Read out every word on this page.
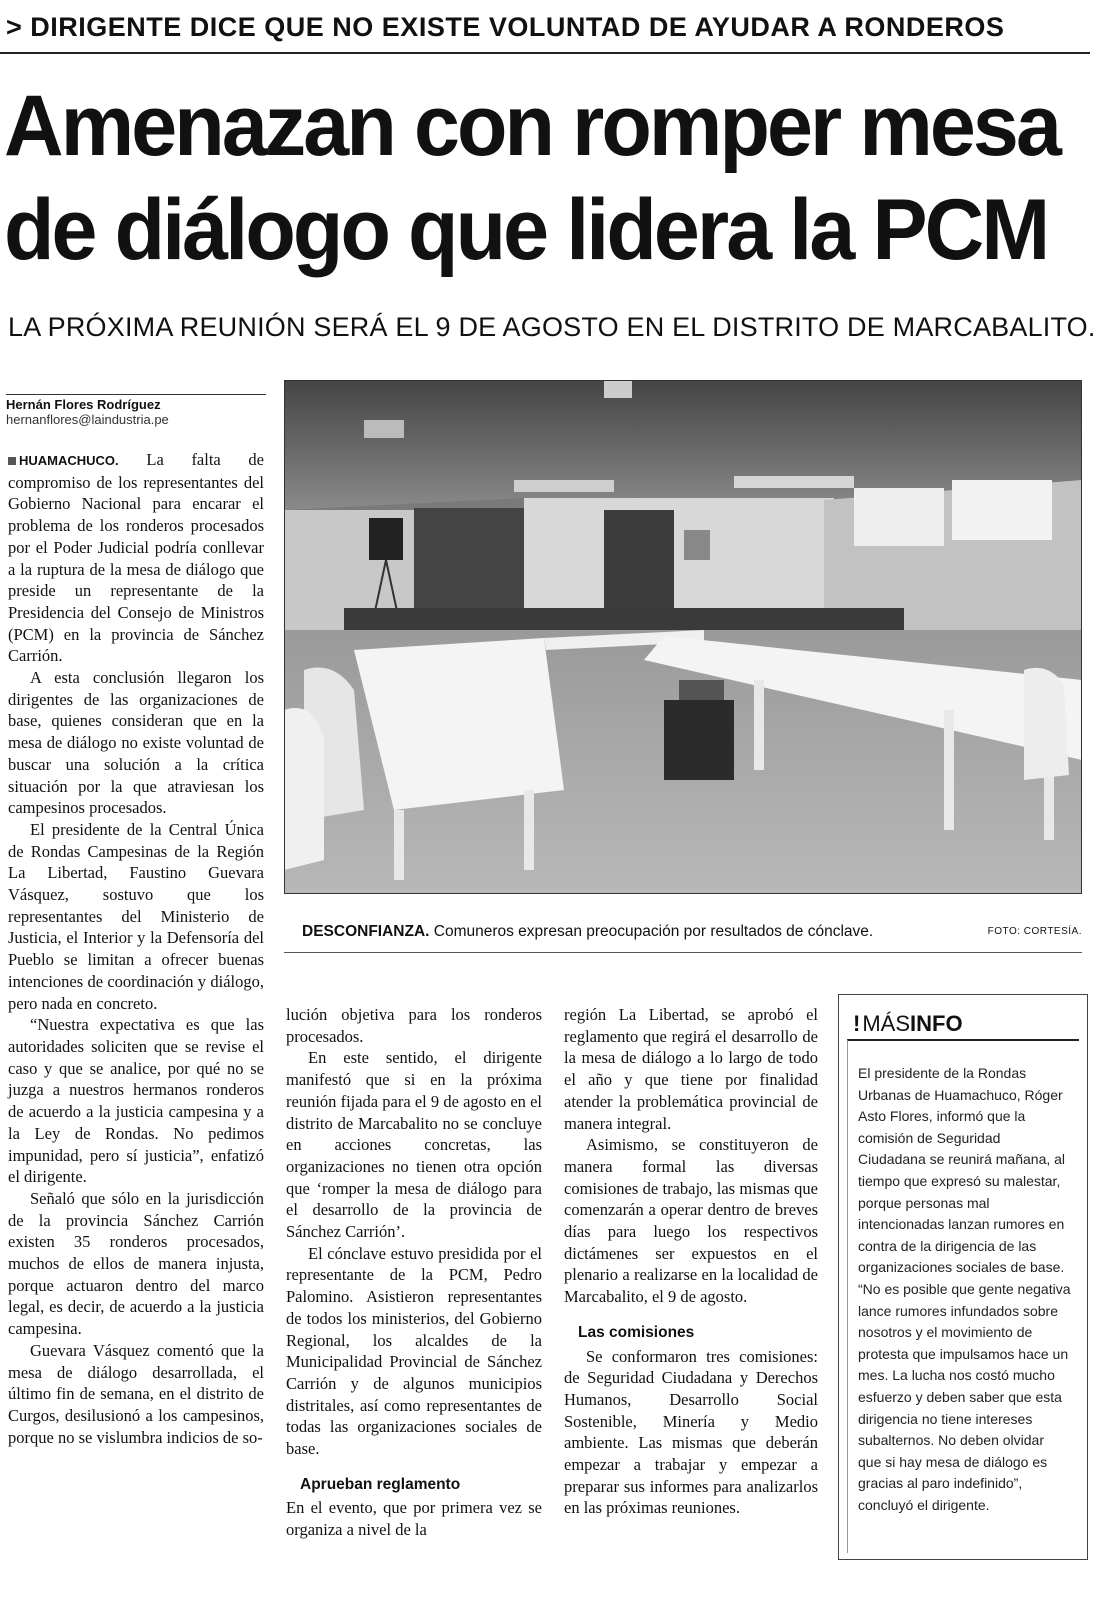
> DIRIGENTE DICE QUE NO EXISTE VOLUNTAD DE AYUDAR A RONDEROS
Amenazan con romper mesa
de diálogo que lidera la PCM
LA PRÓXIMA REUNIÓN SERÁ EL 9 DE AGOSTO EN EL DISTRITO DE MARCABALITO.
Hernán Flores Rodríguez
hernanflores@laindustria.pe

HUAMACHUCO. La falta de compromiso de los representantes del Gobierno Nacional para encarar el problema de los ronderos procesados por el Poder Judicial podría conllevar a la ruptura de la mesa de diálogo que preside un representante de la Presidencia del Consejo de Ministros (PCM) en la provincia de Sánchez Carrión.

A esta conclusión llegaron los dirigentes de las organizaciones de base, quienes consideran que en la mesa de diálogo no existe voluntad de buscar una solución a la crítica situación por la que atraviesan los campesinos procesados.

El presidente de la Central Única de Rondas Campesinas de la Región La Libertad, Faustino Guevara Vásquez, sostuvo que los representantes del Ministerio de Justicia, el Interior y la Defensoría del Pueblo se limitan a ofrecer buenas intenciones de coordinación y diálogo, pero nada en concreto.

“Nuestra expectativa es que las autoridades soliciten que se revise el caso y que se analice, por qué no se juzga a nuestros hermanos ronderos de acuerdo a la justicia campesina y a la Ley de Rondas. No pedimos impunidad, pero sí justicia”, enfatizó el dirigente.

Señaló que sólo en la jurisdicción de la provincia Sánchez Carrión existen 35 ronderos procesados, muchos de ellos de manera injusta, porque actuaron dentro del marco legal, es decir, de acuerdo a la justicia campesina.

Guevara Vásquez comentó que la mesa de diálogo desarrollada, el último fin de semana, en el distrito de Curgos, desilusionó a los campesinos, porque no se vislumbra indicios de so-

DESCONFIANZA. Comuneros expresan preocupación por resultados de cónclave.	FOTO: CORTESÍA.

lución objetiva para los ronderos procesados.

En este sentido, el dirigente manifestó que si en la próxima reunión fijada para el 9 de agosto en el distrito de Marcabalito no se concluye en acciones concretas, las organizaciones no tienen otra opción que ‘romper la mesa de diálogo para el desarrollo de la provincia de Sánchez Carrión’.

El cónclave estuvo presidida por el representante de la PCM, Pedro Palomino. Asistieron representantes de todos los ministerios, del Gobierno Regional, los alcaldes de la Municipalidad Provincial de Sánchez Carrión y de algunos municipios distritales, así como representantes de todas las organizaciones sociales de base.

Aprueban reglamento

En el evento, que por primera vez se organiza a nivel de la

región La Libertad, se aprobó el reglamento que regirá el desarrollo de la mesa de diálogo a lo largo de todo el año y que tiene por finalidad atender la problemática provincial de manera integral.

Asimismo, se constituyeron de manera formal las diversas comisiones de trabajo, las mismas que comenzarán a operar dentro de breves días para luego los respectivos dictámenes ser expuestos en el plenario a realizarse en la localidad de Marcabalito, el 9 de agosto.

Las comisiones

Se conformaron tres comisiones: de Seguridad Ciudadana y Derechos Humanos, Desarrollo Social Sostenible, Minería y Medio ambiente. Las mismas que deberán empezar a trabajar y empezar a preparar sus informes para analizarlos en las próximas reuniones.

!MÁSINFO
El presidente de la Rondas Urbanas de Huamachuco, Róger Asto Flores, informó que la comisión de Seguridad Ciudadana se reunirá mañana, al tiempo que expresó su malestar, porque personas mal intencionadas lanzan rumores en contra de la dirigencia de las organizaciones sociales de base. “No es posible que gente negativa lance rumores infundados sobre nosotros y el movimiento de protesta que impulsamos hace un mes. La lucha nos costó mucho esfuerzo y deben saber que esta dirigencia no tiene intereses subalternos. No deben olvidar que si hay mesa de diálogo es gracias al paro indefinido”, concluyó el dirigente.
